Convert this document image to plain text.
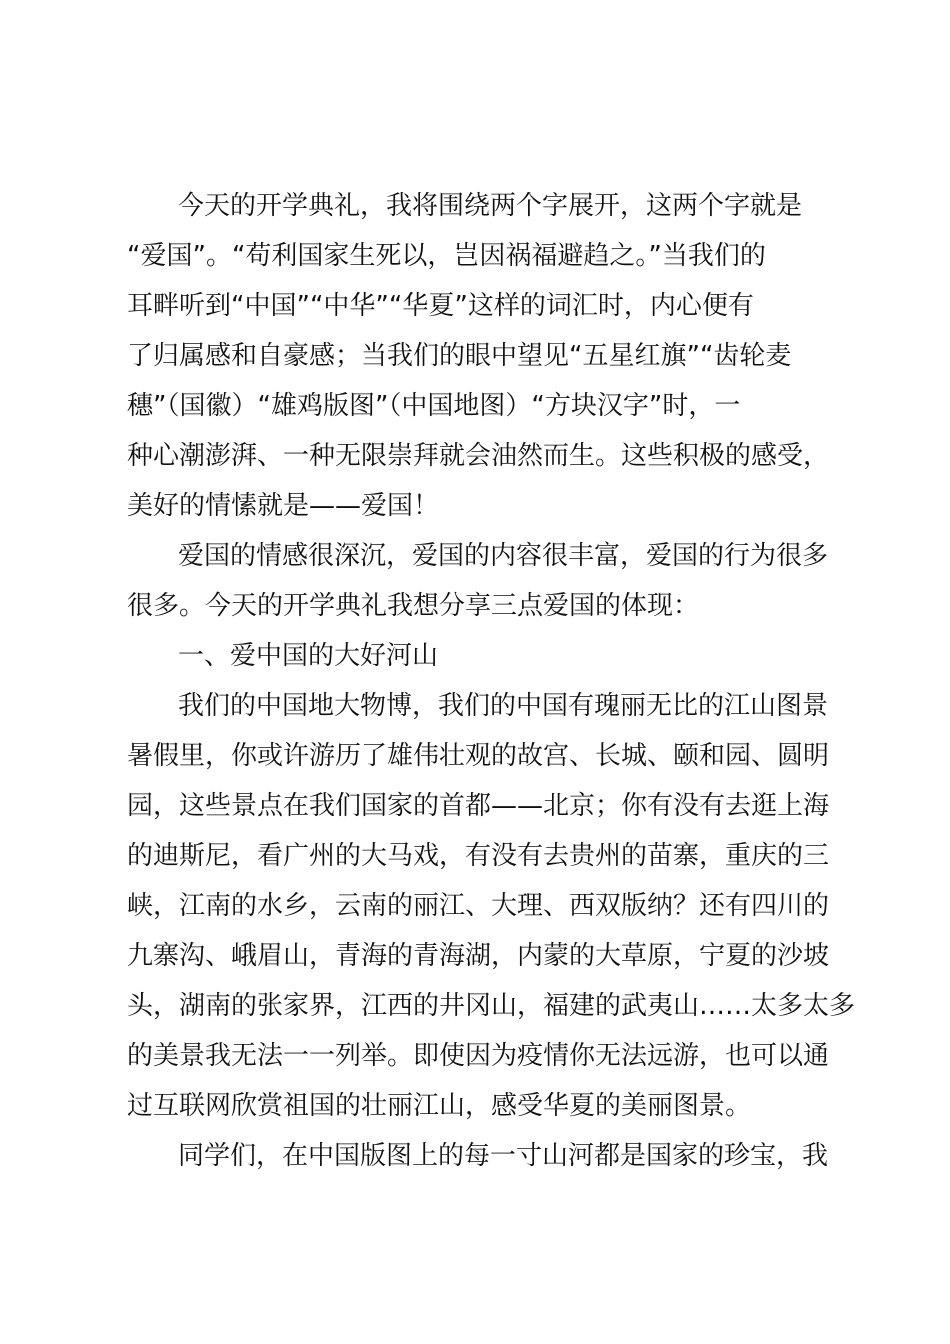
今天的开学典礼，我将围绕两个字展开，这两个字就是
“爱国”。“苟利国家生死以，岂因祸福避趋之。”当我们的
耳畔听到“中国”“中华”“华夏”这样的词汇时，内心便有
了归属感和自豪感；当我们的眼中望见“五星红旗”“齿轮麦
穗”（国徽）“雄鸡版图”（中国地图）“方块汉字”时，一
种心潮澎湃、一种无限崇拜就会油然而生。这些积极的感受，
美好的情愫就是——爱国！
爱国的情感很深沉，爱国的内容很丰富，爱国的行为很多
很多。今天的开学典礼我想分享三点爱国的体现：
一、爱中国的大好河山
我们的中国地大物博，我们的中国有瑰丽无比的江山图景
暑假里，你或许游历了雄伟壮观的故宫、长城、颐和园、圆明
园，这些景点在我们国家的首都——北京；你有没有去逛上海
的迪斯尼，看广州的大马戏，有没有去贵州的苗寨，重庆的三
峡，江南的水乡，云南的丽江、大理、西双版纳？还有四川的
九寨沟、峨眉山，青海的青海湖，内蒙的大草原，宁夏的沙坡
头，湖南的张家界，江西的井冈山，福建的武夷山……太多太多
的美景我无法一一列举。即使因为疫情你无法远游，也可以通
过互联网欣赏祖国的壮丽江山，感受华夏的美丽图景。
同学们，在中国版图上的每一寸山河都是国家的珍宝，我
